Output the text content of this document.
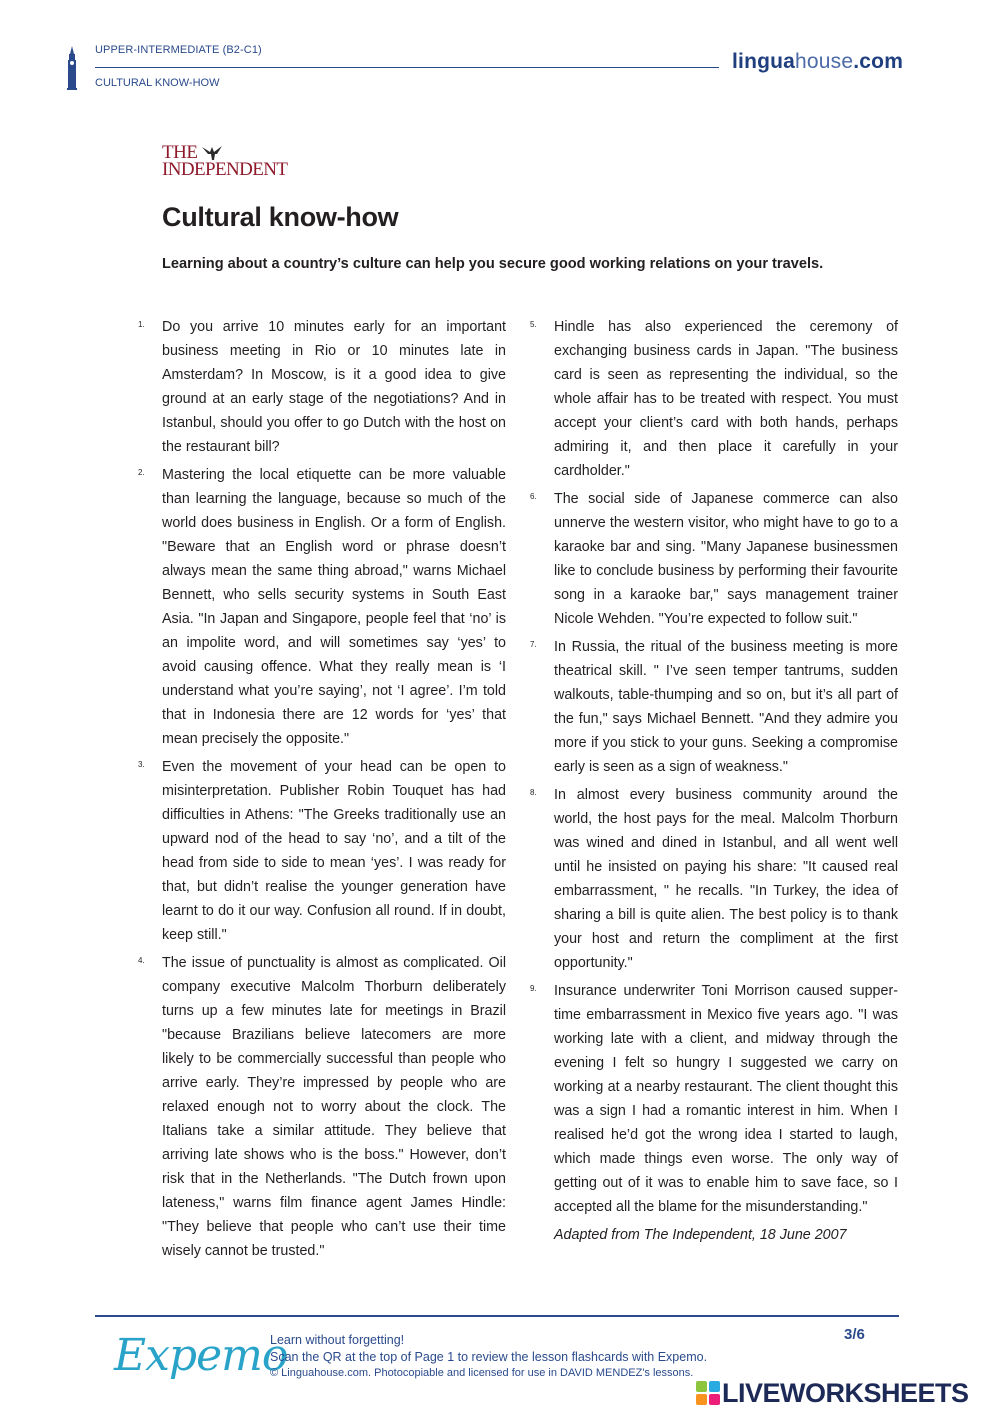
UPPER-INTERMEDIATE (B2-C1)
CULTURAL KNOW-HOW
linguahouse.com
THE
INDEPENDENT
Cultural know-how

Learning about a country’s culture can help you secure good working relations on your travels.

1. Do you arrive 10 minutes early for an important business meeting in Rio or 10 minutes late in Amsterdam? In Moscow, is it a good idea to give ground at an early stage of the negotiations? And in Istanbul, should you offer to go Dutch with the host on the restaurant bill?
2. Mastering the local etiquette can be more valuable than learning the language, because so much of the world does business in English. Or a form of English. "Beware that an English word or phrase doesn’t always mean the same thing abroad," warns Michael Bennett, who sells security systems in South East Asia. "In Japan and Singapore, people feel that ‘no’ is an impolite word, and will sometimes say ‘yes’ to avoid causing offence. What they really mean is ‘I understand what you’re saying’, not ‘I agree’. I’m told that in Indonesia there are 12 words for ‘yes’ that mean precisely the opposite."
3. Even the movement of your head can be open to misinterpretation. Publisher Robin Touquet has had difficulties in Athens: "The Greeks traditionally use an upward nod of the head to say ‘no’, and a tilt of the head from side to side to mean ‘yes’. I was ready for that, but didn’t realise the younger generation have learnt to do it our way. Confusion all round. If in doubt, keep still."
4. The issue of punctuality is almost as complicated. Oil company executive Malcolm Thorburn deliberately turns up a few minutes late for meetings in Brazil "because Brazilians believe latecomers are more likely to be commercially successful than people who arrive early. They’re impressed by people who are relaxed enough not to worry about the clock. The Italians take a similar attitude. They believe that arriving late shows who is the boss." However, don’t risk that in the Netherlands. "The Dutch frown upon lateness," warns film finance agent James Hindle: "They believe that people who can’t use their time wisely cannot be trusted."
5. Hindle has also experienced the ceremony of exchanging business cards in Japan. "The business card is seen as representing the individual, so the whole affair has to be treated with respect. You must accept your client’s card with both hands, perhaps admiring it, and then place it carefully in your cardholder."
6. The social side of Japanese commerce can also unnerve the western visitor, who might have to go to a karaoke bar and sing. "Many Japanese businessmen like to conclude business by performing their favourite song in a karaoke bar," says management trainer Nicole Wehden. "You’re expected to follow suit."
7. In Russia, the ritual of the business meeting is more theatrical skill. " I’ve seen temper tantrums, sudden walkouts, table-thumping and so on, but it’s all part of the fun," says Michael Bennett. "And they admire you more if you stick to your guns. Seeking a compromise early is seen as a sign of weakness."
8. In almost every business community around the world, the host pays for the meal. Malcolm Thorburn was wined and dined in Istanbul, and all went well until he insisted on paying his share: "It caused real embarrassment, " he recalls. "In Turkey, the idea of sharing a bill is quite alien. The best policy is to thank your host and return the compliment at the first opportunity."
9. Insurance underwriter Toni Morrison caused supper-time embarrassment in Mexico five years ago. "I was working late with a client, and midway through the evening I felt so hungry I suggested we carry on working at a nearby restaurant. The client thought this was a sign I had a romantic interest in him. When I realised he’d got the wrong idea I started to laugh, which made things even worse. The only way of getting out of it was to enable him to save face, so I accepted all the blame for the misunderstanding."
Adapted from The Independent, 18 June 2007
Expemo
Learn without forgetting!
Scan the QR at the top of Page 1 to review the lesson flashcards with Expemo.
© Linguahouse.com. Photocopiable and licensed for use in DAVID MENDEZ's lessons.
3/6
LIVEWORKSHEETS
